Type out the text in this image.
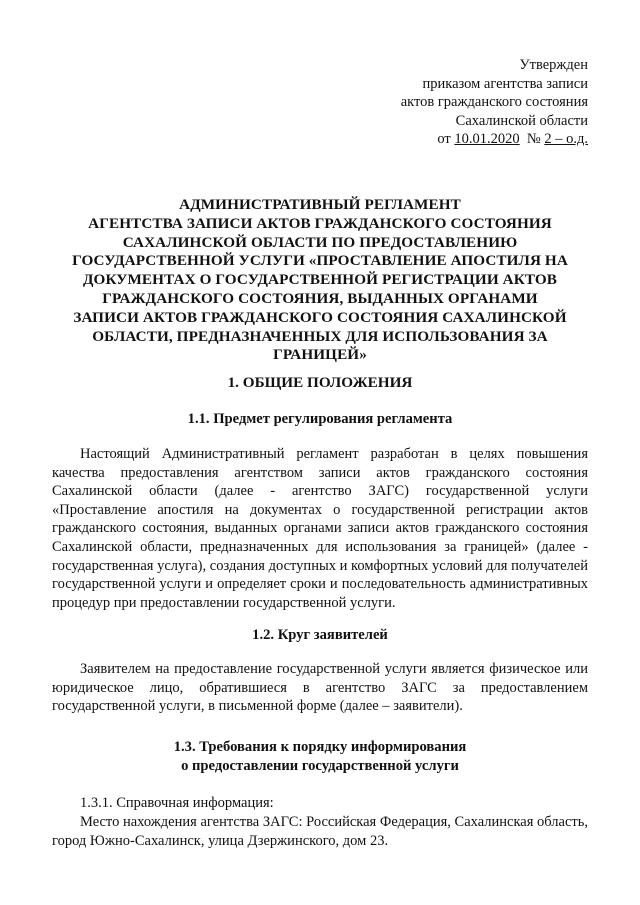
Утвержден
приказом агентства записи
актов гражданского состояния
Сахалинской области
от 10.01.2020 № 2 – о.д.
АДМИНИСТРАТИВНЫЙ РЕГЛАМЕНТ
АГЕНТСТВА ЗАПИСИ АКТОВ ГРАЖДАНСКОГО СОСТОЯНИЯ
САХАЛИНСКОЙ ОБЛАСТИ ПО ПРЕДОСТАВЛЕНИЮ
ГОСУДАРСТВЕННОЙ УСЛУГИ «ПРОСТАВЛЕНИЕ АПОСТИЛЯ НА
ДОКУМЕНТАХ О ГОСУДАРСТВЕННОЙ РЕГИСТРАЦИИ АКТОВ
ГРАЖДАНСКОГО СОСТОЯНИЯ, ВЫДАННЫХ ОРГАНАМИ
ЗАПИСИ АКТОВ ГРАЖДАНСКОГО СОСТОЯНИЯ САХАЛИНСКОЙ
ОБЛАСТИ, ПРЕДНАЗНАЧЕННЫХ ДЛЯ ИСПОЛЬЗОВАНИЯ ЗА
ГРАНИЦЕЙ»
1. ОБЩИЕ ПОЛОЖЕНИЯ
1.1. Предмет регулирования регламента
Настоящий Административный регламент разработан в целях повышения качества предоставления агентством записи актов гражданского состояния Сахалинской области (далее - агентство ЗАГС) государственной услуги «Проставление апостиля на документах о государственной регистрации актов гражданского состояния, выданных органами записи актов гражданского состояния Сахалинской области, предназначенных для использования за границей» (далее - государственная услуга), создания доступных и комфортных условий для получателей государственной услуги и определяет сроки и последовательность административных процедур при предоставлении государственной услуги.
1.2. Круг заявителей
Заявителем на предоставление государственной услуги является физическое или юридическое лицо, обратившиеся в агентство ЗАГС за предоставлением государственной услуги, в письменной форме (далее – заявители).
1.3. Требования к порядку информирования
о предоставлении государственной услуги
1.3.1. Справочная информация:
Место нахождения агентства ЗАГС: Российская Федерация, Сахалинская область, город Южно-Сахалинск, улица Дзержинского, дом 23.
